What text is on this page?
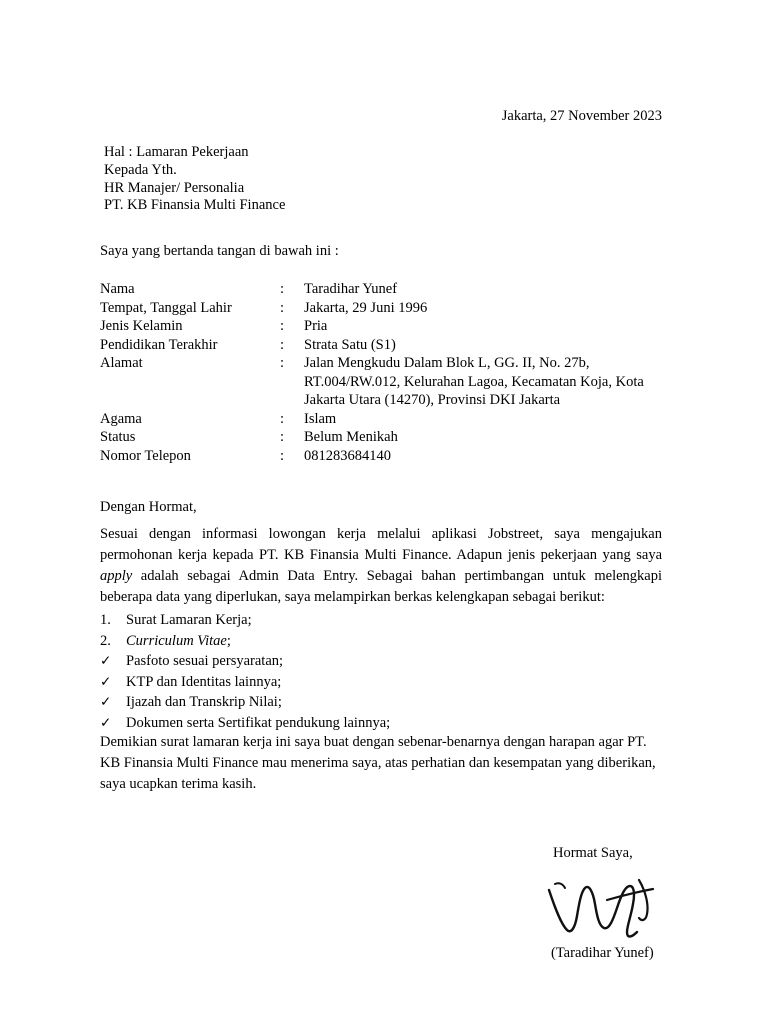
Jakarta, 27 November 2023
Hal : Lamaran Pekerjaan
Kepada Yth.
HR Manajer/ Personalia
PT. KB Finansia Multi Finance
Saya yang bertanda tangan di bawah ini :
Nama	:	Taradihar Yunef
Tempat, Tanggal Lahir	:	Jakarta, 29 Juni 1996
Jenis Kelamin	:	Pria
Pendidikan Terakhir	:	Strata Satu (S1)
Alamat	:	Jalan Mengkudu Dalam Blok L, GG. II, No. 27b,
RT.004/RW.012, Kelurahan Lagoa, Kecamatan Koja, Kota
Jakarta Utara (14270), Provinsi DKI Jakarta
Agama	:	Islam
Status	:	Belum Menikah
Nomor Telepon	:	081283684140
Dengan Hormat,
Sesuai dengan informasi lowongan kerja melalui aplikasi Jobstreet, saya mengajukan permohonan kerja kepada PT. KB Finansia Multi Finance. Adapun jenis pekerjaan yang saya apply adalah sebagai Admin Data Entry. Sebagai bahan pertimbangan untuk melengkapi beberapa data yang diperlukan, saya melampirkan berkas kelengkapan sebagai berikut:
1.	Surat Lamaran Kerja;
2.	Curriculum Vitae;
✓	Pasfoto sesuai persyaratan;
✓	KTP dan Identitas lainnya;
✓	Ijazah dan Transkrip Nilai;
✓	Dokumen serta Sertifikat pendukung lainnya;
Demikian surat lamaran kerja ini saya buat dengan sebenar-benarnya dengan harapan agar PT. KB Finansia Multi Finance mau menerima saya, atas perhatian dan kesempatan yang diberikan, saya ucapkan terima kasih.
Hormat Saya,
(Taradihar Yunef)
